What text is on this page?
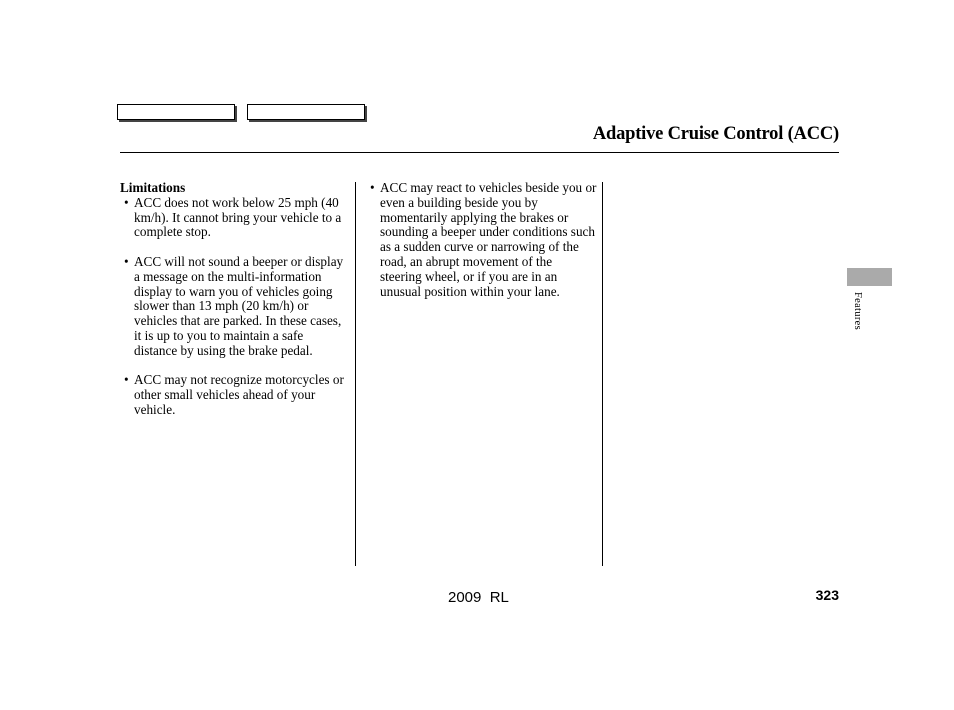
Adaptive Cruise Control (ACC)

Limitations

• ACC does not work below 25 mph (40 km/h). It cannot bring your vehicle to a complete stop.
• ACC will not sound a beeper or display a message on the multi-information display to warn you of vehicles going slower than 13 mph (20 km/h) or vehicles that are parked. In these cases, it is up to you to maintain a safe distance by using the brake pedal.
• ACC may not recognize motorcycles or other small vehicles ahead of your vehicle.
• ACC may react to vehicles beside you or even a building beside you by momentarily applying the brakes or sounding a beeper under conditions such as a sudden curve or narrowing of the road, an abrupt movement of the steering wheel, or if you are in an unusual position within your lane.
Features
2009  RL	323
